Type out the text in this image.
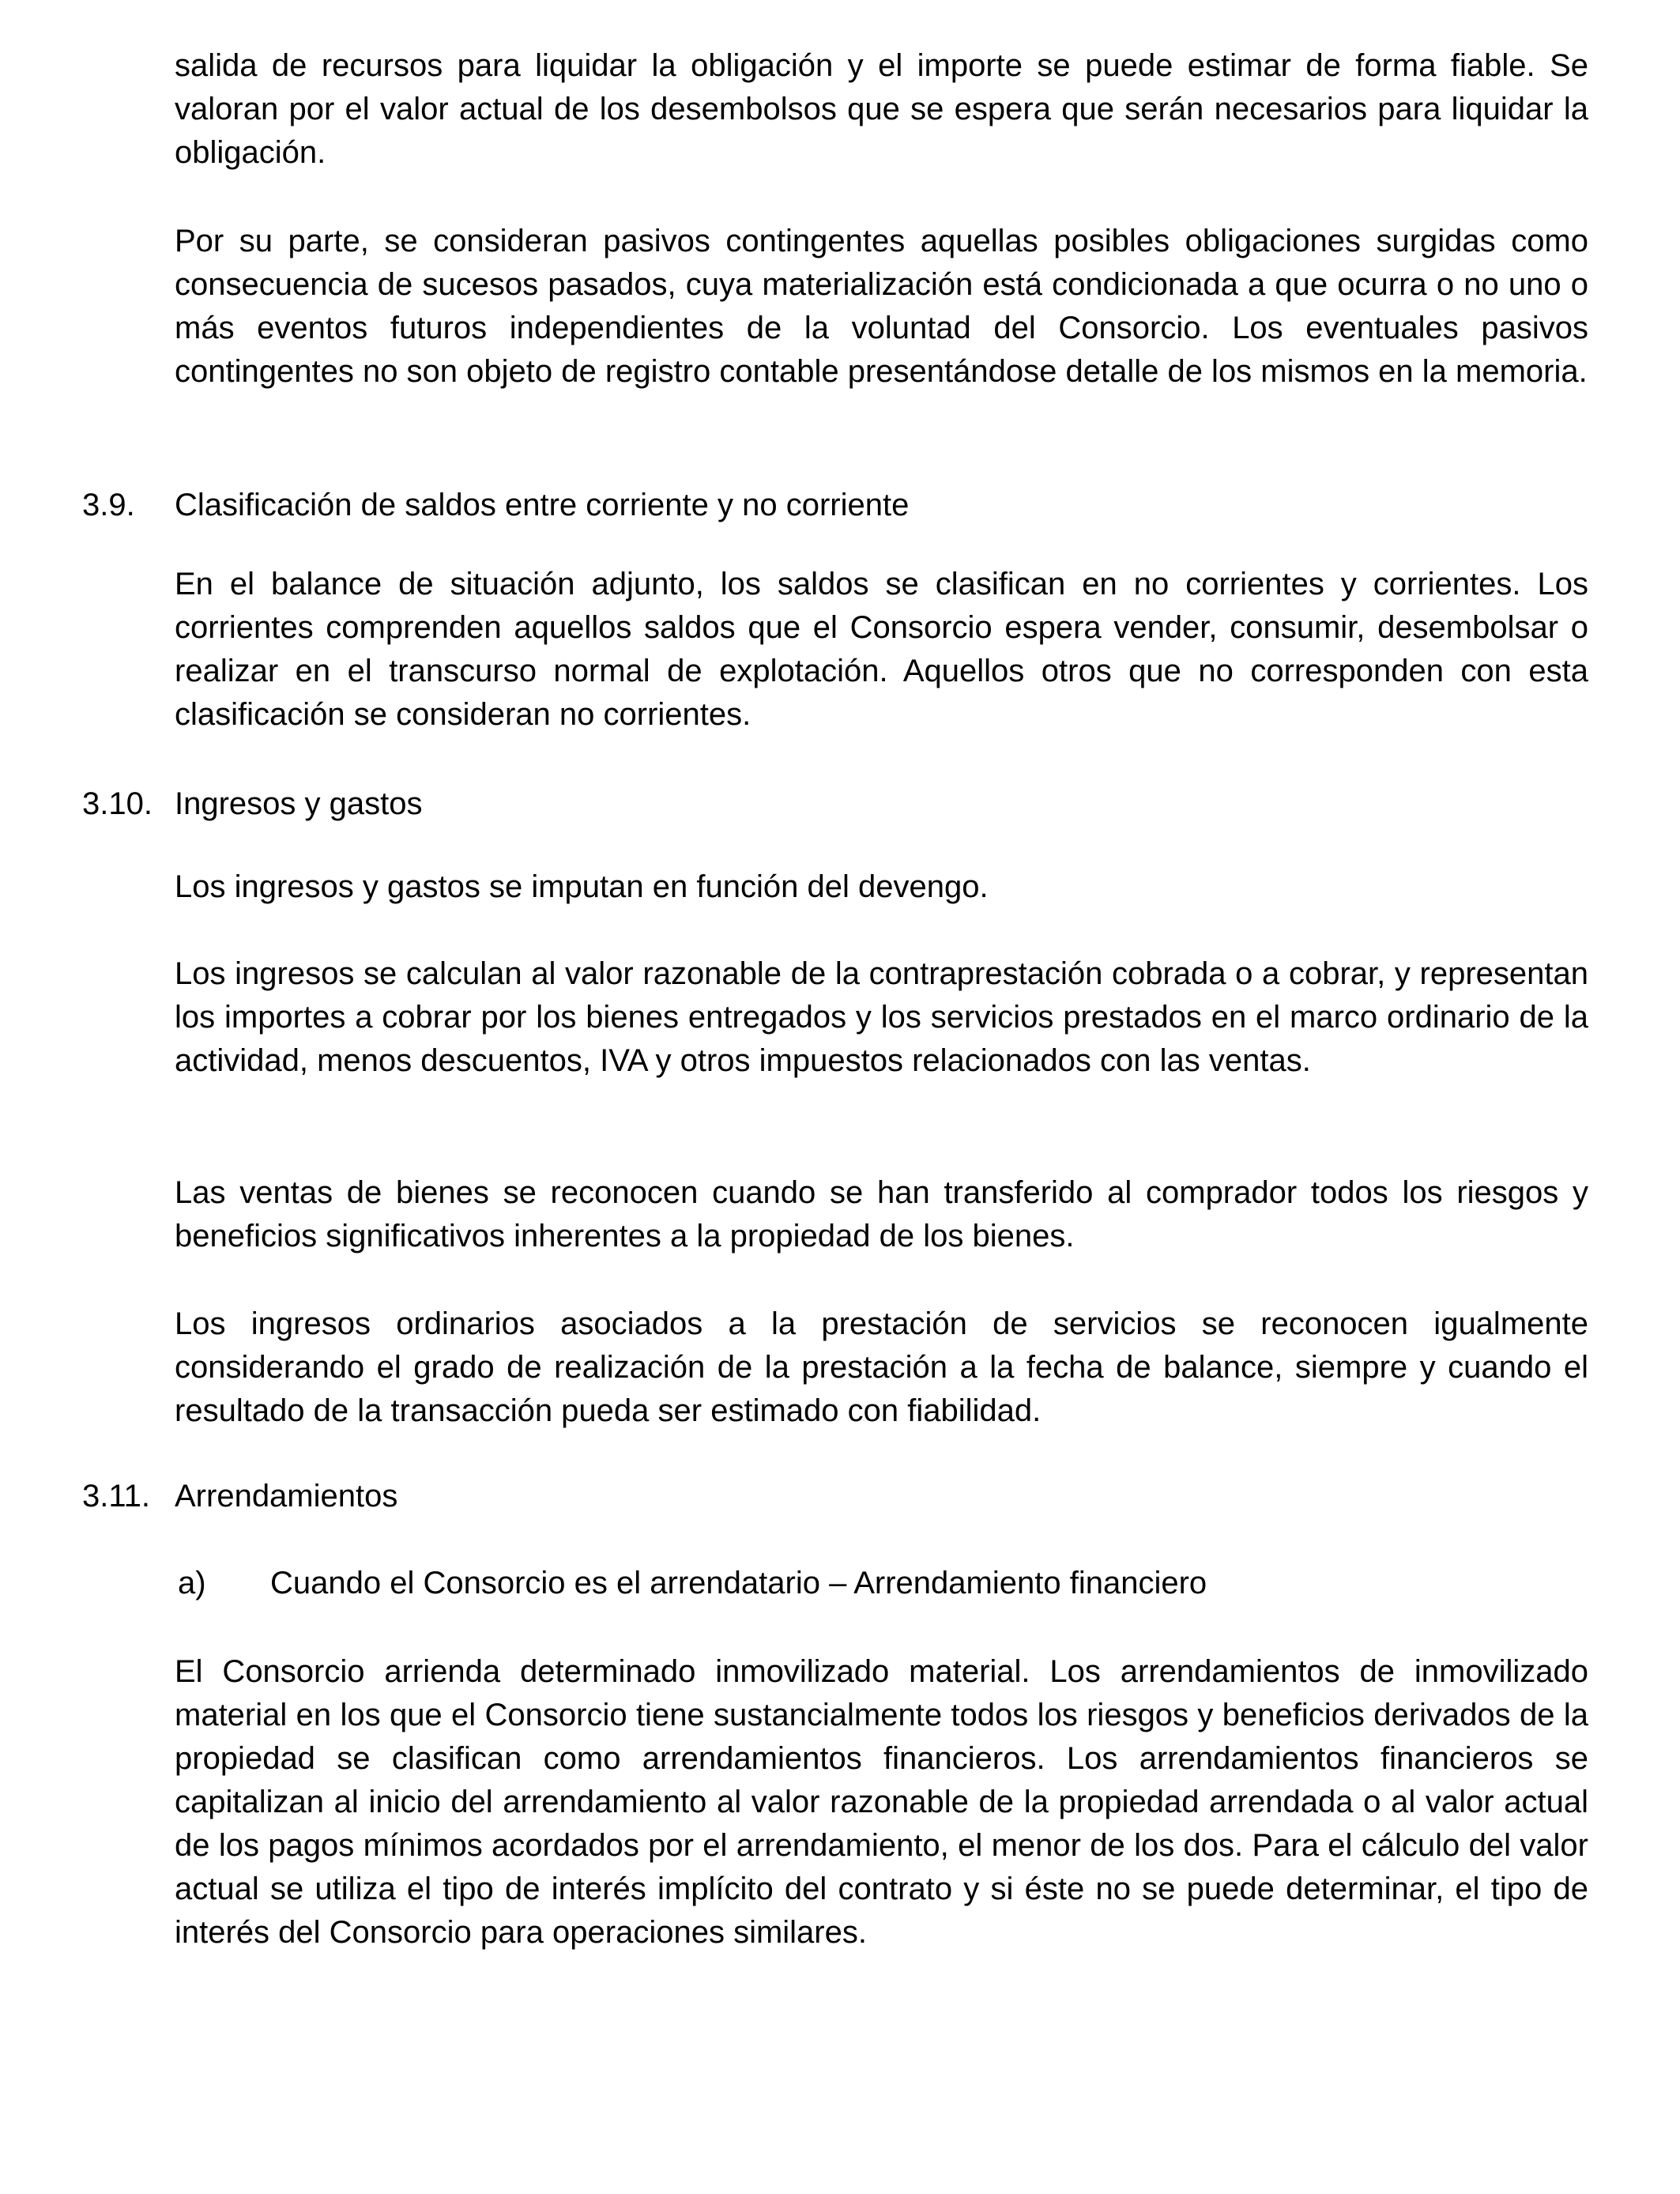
salida de recursos para liquidar la obligación y el importe se puede estimar de forma fiable. Se valoran por el valor actual de los desembolsos que se espera que serán necesarios para liquidar la obligación.

Por su parte, se consideran pasivos contingentes aquellas posibles obligaciones surgidas como consecuencia de sucesos pasados, cuya materialización está condicionada a que ocurra o no uno o más eventos futuros independientes de la voluntad del Consorcio. Los eventuales pasivos contingentes no son objeto de registro contable presentándose detalle de los mismos en la memoria.

3.9. Clasificación de saldos entre corriente y no corriente

En el balance de situación adjunto, los saldos se clasifican en no corrientes y corrientes. Los corrientes comprenden aquellos saldos que el Consorcio espera vender, consumir, desembolsar o realizar en el transcurso normal de explotación. Aquellos otros que no corresponden con esta clasificación se consideran no corrientes.

3.10. Ingresos y gastos

Los ingresos y gastos se imputan en función del devengo.

Los ingresos se calculan al valor razonable de la contraprestación cobrada o a cobrar, y representan los importes a cobrar por los bienes entregados y los servicios prestados en el marco ordinario de la actividad, menos descuentos, IVA y otros impuestos relacionados con las ventas.

Las ventas de bienes se reconocen cuando se han transferido al comprador todos los riesgos y beneficios significativos inherentes a la propiedad de los bienes.

Los ingresos ordinarios asociados a la prestación de servicios se reconocen igualmente considerando el grado de realización de la prestación a la fecha de balance, siempre y cuando el resultado de la transacción pueda ser estimado con fiabilidad.

3.11. Arrendamientos
a) Cuando el Consorcio es el arrendatario – Arrendamiento financiero

El Consorcio arrienda determinado inmovilizado material. Los arrendamientos de inmovilizado material en los que el Consorcio tiene sustancialmente todos los riesgos y beneficios derivados de la propiedad se clasifican como arrendamientos financieros. Los arrendamientos financieros se capitalizan al inicio del arrendamiento al valor razonable de la propiedad arrendada o al valor actual de los pagos mínimos acordados por el arrendamiento, el menor de los dos. Para el cálculo del valor actual se utiliza el tipo de interés implícito del contrato y si éste no se puede determinar, el tipo de interés del Consorcio para operaciones similares.
